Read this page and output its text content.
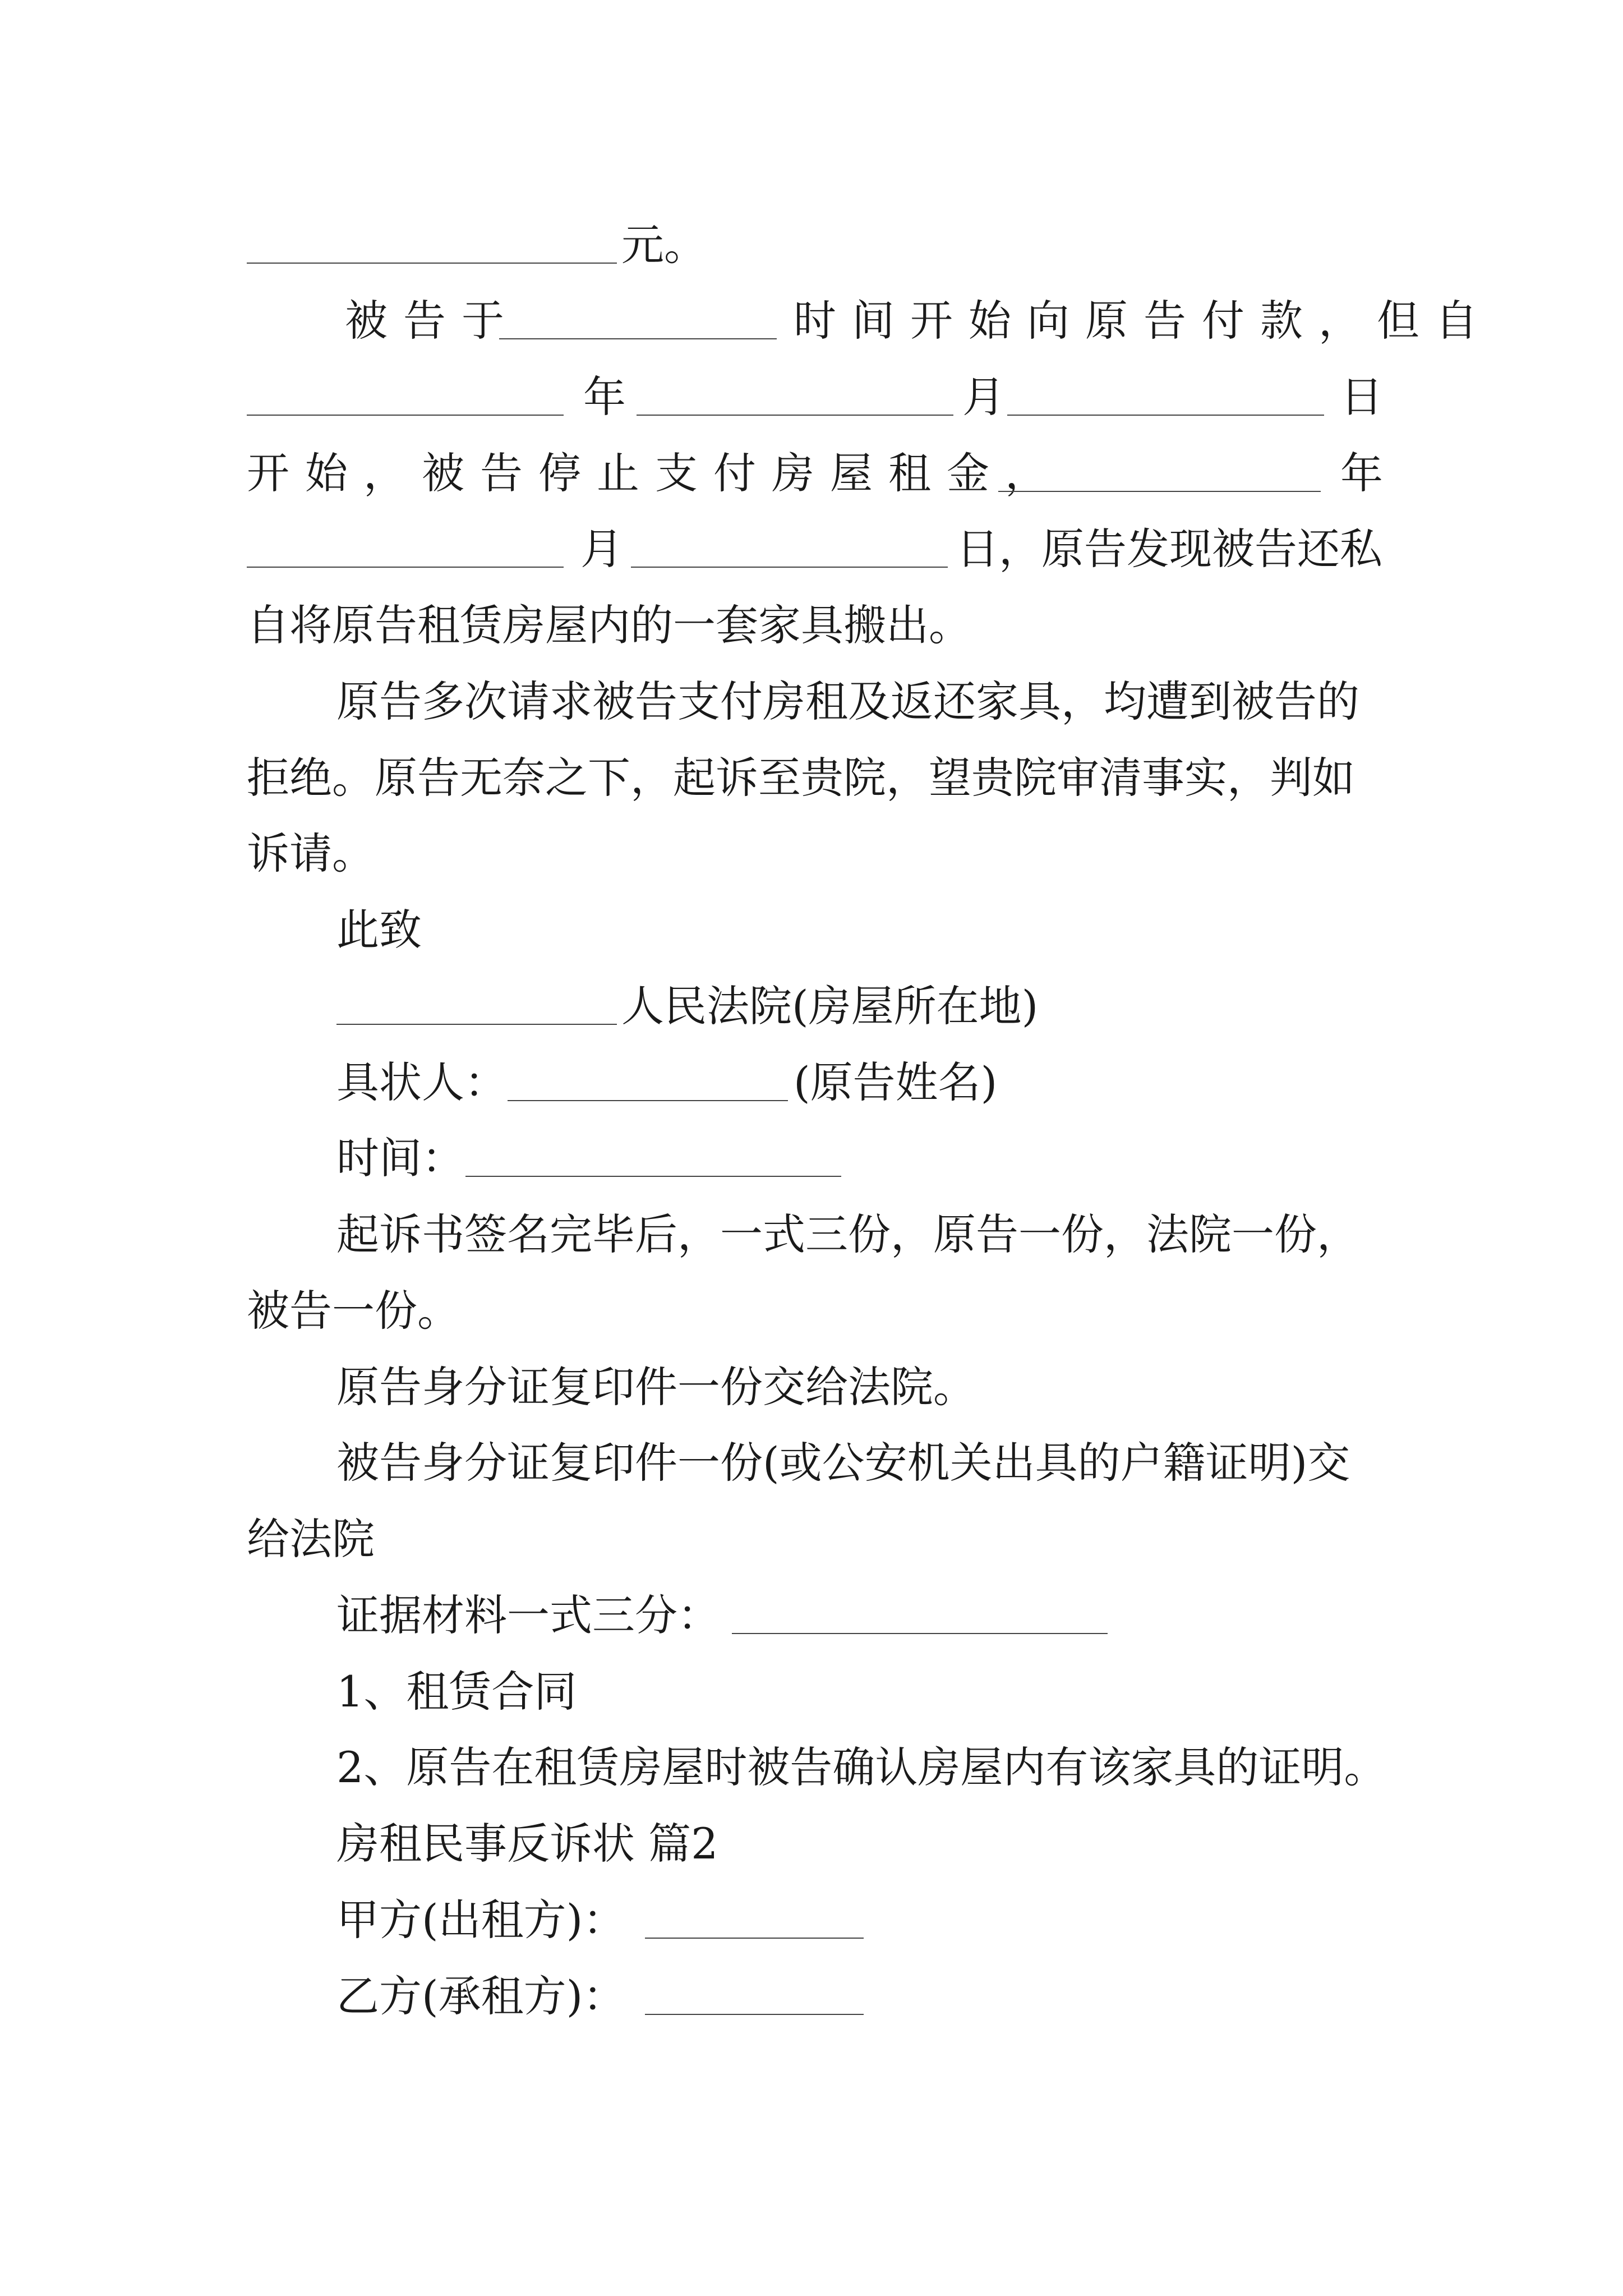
元。
被告于	时间开始向原告付款，但自
年	月	日
开始，被告停止支付房屋租金，	年
月	日，原告发现被告还私
自将原告租赁房屋内的一套家具搬出。
原告多次请求被告支付房租及返还家具，均遭到被告的
拒绝。原告无奈之下，起诉至贵院，望贵院审清事实，判如
诉请。
此致
人民法院(房屋所在地)
具状人：	(原告姓名)
时间：
起诉书签名完毕后，一式三份，原告一份，法院一份，
被告一份。
原告身分证复印件一份交给法院。
被告身分证复印件一份(或公安机关出具的户籍证明)交
给法院
证据材料一式三分：
1、租赁合同
2、原告在租赁房屋时被告确认房屋内有该家具的证明。
房租民事反诉状 篇2
甲方(出租方)：
乙方(承租方)：
